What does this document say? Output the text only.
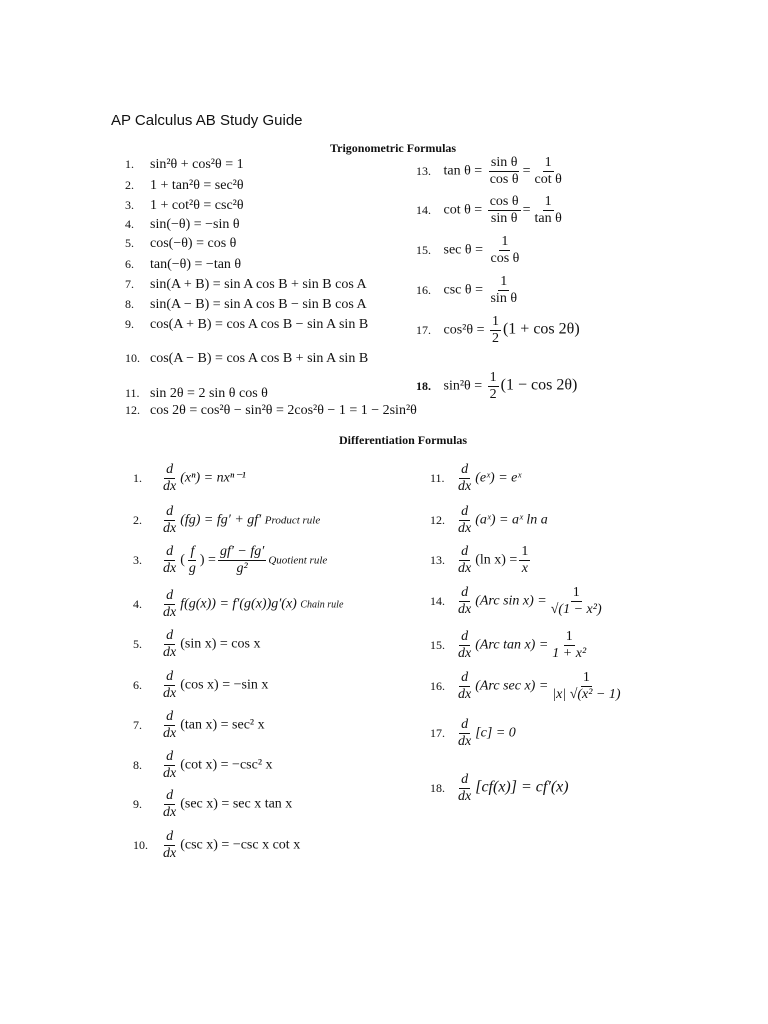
AP Calculus AB Study Guide
Trigonometric Formulas
1. sin²θ + cos²θ = 1
2. 1 + tan²θ = sec²θ
3. 1 + cot²θ = csc²θ
4. sin(−θ) = −sin θ
5. cos(−θ) = cos θ
6. tan(−θ) = −tan θ
7. sin(A + B) = sin A cos B + sin B cos A
8. sin(A − B) = sin A cos B − sin B cos A
9. cos(A + B) = cos A cos B − sin A sin B
10. cos(A − B) = cos A cos B + sin A sin B
11. sin 2θ = 2 sin θ cos θ
12. cos 2θ = cos²θ − sin²θ = 2cos²θ − 1 = 1 − 2sin²θ
13. $\tan \theta = \frac{\text{sin θ}}{\text{cos θ}} = \frac{1}{\text{cot θ}}$
14. $\cot \theta = \frac{\text{cos θ}}{\text{sin θ}} = \frac{1}{\text{tan θ}}$
15. $\sec \theta = \frac{1}{\text{cos θ}}$
16. $\csc \theta = \frac{1}{\text{sin θ}}$
17. $\cos^2\theta = \frac{1}{2} (1 + \cos 2\theta)$
18. $\sin^2\theta = \frac{1}{2} (1 - \cos 2\theta)$
Differentiation Formulas
1. $\frac{d}{dx} (x^n) = nx^{n-1}$
2. $\frac{d}{dx} (fg) = fg' + gf'$ Product rule
3. $\frac{d}{dx}$ ( $\frac{f}{g}$ ) = $\frac{gf' - fg'}{\text{g²}}$ Quotient rule
4. $\frac{d}{dx} f(g(x)) = f'(g(x))g'(x)$ Chain rule
5. $\frac{d}{dx} (\sin$ x) = cos x
6. $\frac{d}{dx} (\cos$ x) = −sin x
7. $\frac{d}{dx} (\tan$ x) = sec² x
8. $\frac{d}{dx} (\cot$ x) = −csc² x
9. $\frac{d}{dx} (\sec$ x) = sec x tan x
10. $\frac{d}{dx} (\csc$ x) = −csc x cot x
11. $\frac{d}{dx}$ (eˣ) = eˣ
12. $\frac{d}{dx}$ (aˣ) = aˣ ln a
13. $\frac{d}{dx} (\ln$ $x) = \frac{1}{x}$
14. $\frac{d}{dx} (Arc$ $\sin x) = \frac{1}{\text{√(1 − x²)}}$
15. $\frac{d}{dx} (Arc$ $\tan x) = \frac{1}{\text{1 + x²}}$
16. $\frac{d}{dx} (Arc$ $\sec x) = \frac{1}{\text{|x| √(x² − 1)}}$
17. $\frac{d}{dx} [c] = 0$
18. $\frac{d}{dx} [cf(x)] = cf'(x)$
